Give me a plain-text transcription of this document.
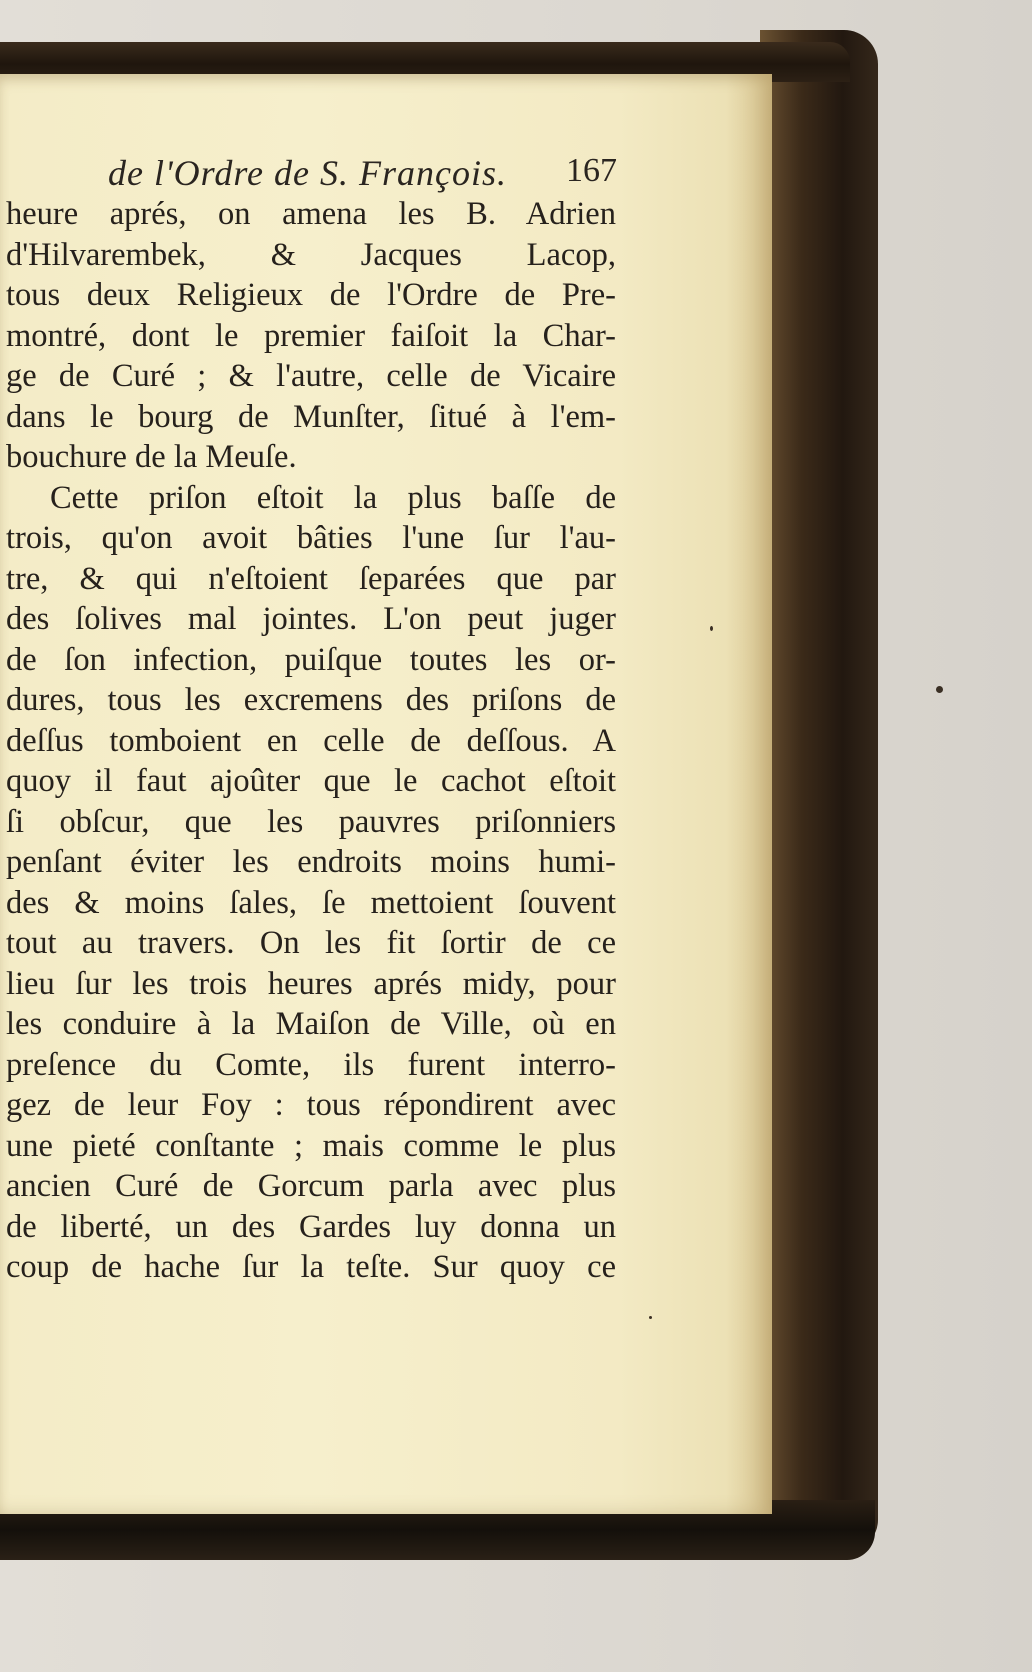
de l'Ordre de S. François.	167
heure aprés, on amena les B. Adrien
d'Hilvarembek, & Jacques Lacop,
tous deux Religieux de l'Ordre de Pre-
montré, dont le premier faiſoit la Char-
ge de Curé ; & l'autre, celle de Vicaire
dans le bourg de Munſter, ſitué à l'em-
bouchure de la Meuſe.
Cette priſon eſtoit la plus baſſe de
trois, qu'on avoit bâties l'une ſur l'au-
tre, & qui n'eſtoient ſeparées que par
des ſolives mal jointes. L'on peut juger
de ſon infection, puiſque toutes les or-
dures, tous les excremens des priſons de
deſſus tomboient en celle de deſſous. A
quoy il faut ajoûter que le cachot eſtoit
ſi obſcur, que les pauvres priſonniers
penſant éviter les endroits moins humi-
des & moins ſales, ſe mettoient ſouvent
tout au travers. On les fit ſortir de ce
lieu ſur les trois heures aprés midy, pour
les conduire à la Maiſon de Ville, où en
preſence du Comte, ils furent interro-
gez de leur Foy : tous répondirent avec
une pieté conſtante ; mais comme le plus
ancien Curé de Gorcum parla avec plus
de liberté, un des Gardes luy donna un
coup de hache ſur la teſte. Sur quoy ce
